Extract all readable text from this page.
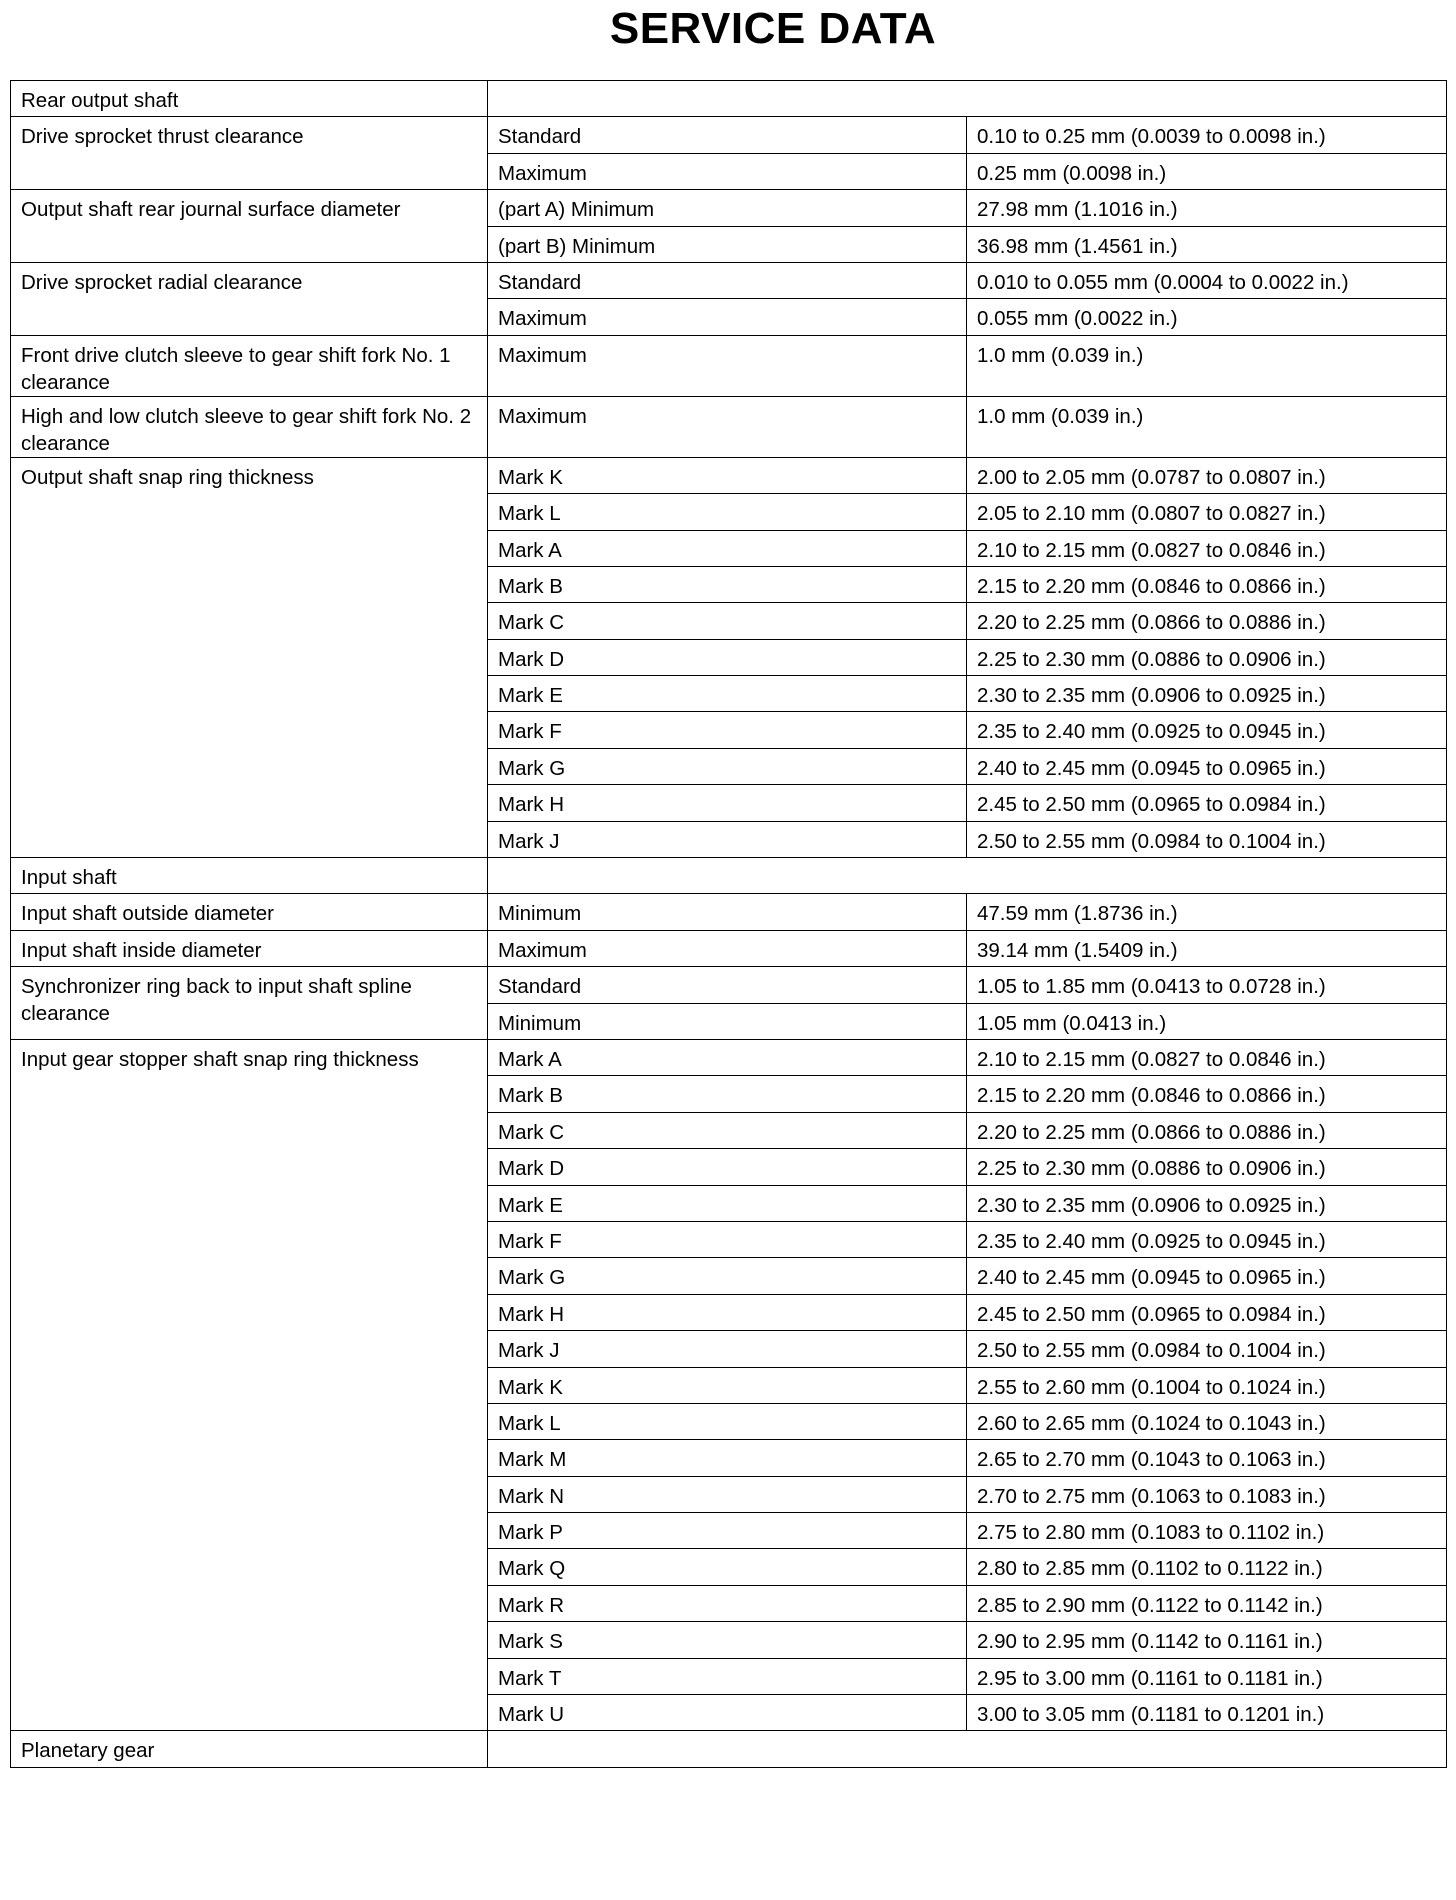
SERVICE DATA
Rear output shaft		
Drive sprocket thrust clearance	Standard	0.10 to 0.25 mm (0.0039 to 0.0098 in.)
	Maximum	0.25 mm (0.0098 in.)
Output shaft rear journal surface diameter	(part A) Minimum	27.98 mm (1.1016 in.)
	(part B) Minimum	36.98 mm (1.4561 in.)
Drive sprocket radial clearance	Standard	0.010 to 0.055 mm (0.0004 to 0.0022 in.)
	Maximum	0.055 mm (0.0022 in.)
Front drive clutch sleeve to gear shift fork No. 1 clearance	Maximum	1.0 mm (0.039 in.)
High and low clutch sleeve to gear shift fork No. 2 clearance	Maximum	1.0 mm (0.039 in.)
Output shaft snap ring thickness	Mark K	2.00 to 2.05 mm (0.0787 to 0.0807 in.)
	Mark L	2.05 to 2.10 mm (0.0807 to 0.0827 in.)
	Mark A	2.10 to 2.15 mm (0.0827 to 0.0846 in.)
	Mark B	2.15 to 2.20 mm (0.0846 to 0.0866 in.)
	Mark C	2.20 to 2.25 mm (0.0866 to 0.0886 in.)
	Mark D	2.25 to 2.30 mm (0.0886 to 0.0906 in.)
	Mark E	2.30 to 2.35 mm (0.0906 to 0.0925 in.)
	Mark F	2.35 to 2.40 mm (0.0925 to 0.0945 in.)
	Mark G	2.40 to 2.45 mm (0.0945 to 0.0965 in.)
	Mark H	2.45 to 2.50 mm (0.0965 to 0.0984 in.)
	Mark J	2.50 to 2.55 mm (0.0984 to 0.1004 in.)
Input shaft		
Input shaft outside diameter	Minimum	47.59 mm (1.8736 in.)
Input shaft inside diameter	Maximum	39.14 mm (1.5409 in.)
Synchronizer ring back to input shaft spline clearance	Standard	1.05 to 1.85 mm (0.0413 to 0.0728 in.)
	Minimum	1.05 mm (0.0413 in.)
Input gear stopper shaft snap ring thickness	Mark A	2.10 to 2.15 mm (0.0827 to 0.0846 in.)
	Mark B	2.15 to 2.20 mm (0.0846 to 0.0866 in.)
	Mark C	2.20 to 2.25 mm (0.0866 to 0.0886 in.)
	Mark D	2.25 to 2.30 mm (0.0886 to 0.0906 in.)
	Mark E	2.30 to 2.35 mm (0.0906 to 0.0925 in.)
	Mark F	2.35 to 2.40 mm (0.0925 to 0.0945 in.)
	Mark G	2.40 to 2.45 mm (0.0945 to 0.0965 in.)
	Mark H	2.45 to 2.50 mm (0.0965 to 0.0984 in.)
	Mark J	2.50 to 2.55 mm (0.0984 to 0.1004 in.)
	Mark K	2.55 to 2.60 mm (0.1004 to 0.1024 in.)
	Mark L	2.60 to 2.65 mm (0.1024 to 0.1043 in.)
	Mark M	2.65 to 2.70 mm (0.1043 to 0.1063 in.)
	Mark N	2.70 to 2.75 mm (0.1063 to 0.1083 in.)
	Mark P	2.75 to 2.80 mm (0.1083 to 0.1102 in.)
	Mark Q	2.80 to 2.85 mm (0.1102 to 0.1122 in.)
	Mark R	2.85 to 2.90 mm (0.1122 to 0.1142 in.)
	Mark S	2.90 to 2.95 mm (0.1142 to 0.1161 in.)
	Mark T	2.95 to 3.00 mm (0.1161 to 0.1181 in.)
	Mark U	3.00 to 3.05 mm (0.1181 to 0.1201 in.)
Planetary gear		
